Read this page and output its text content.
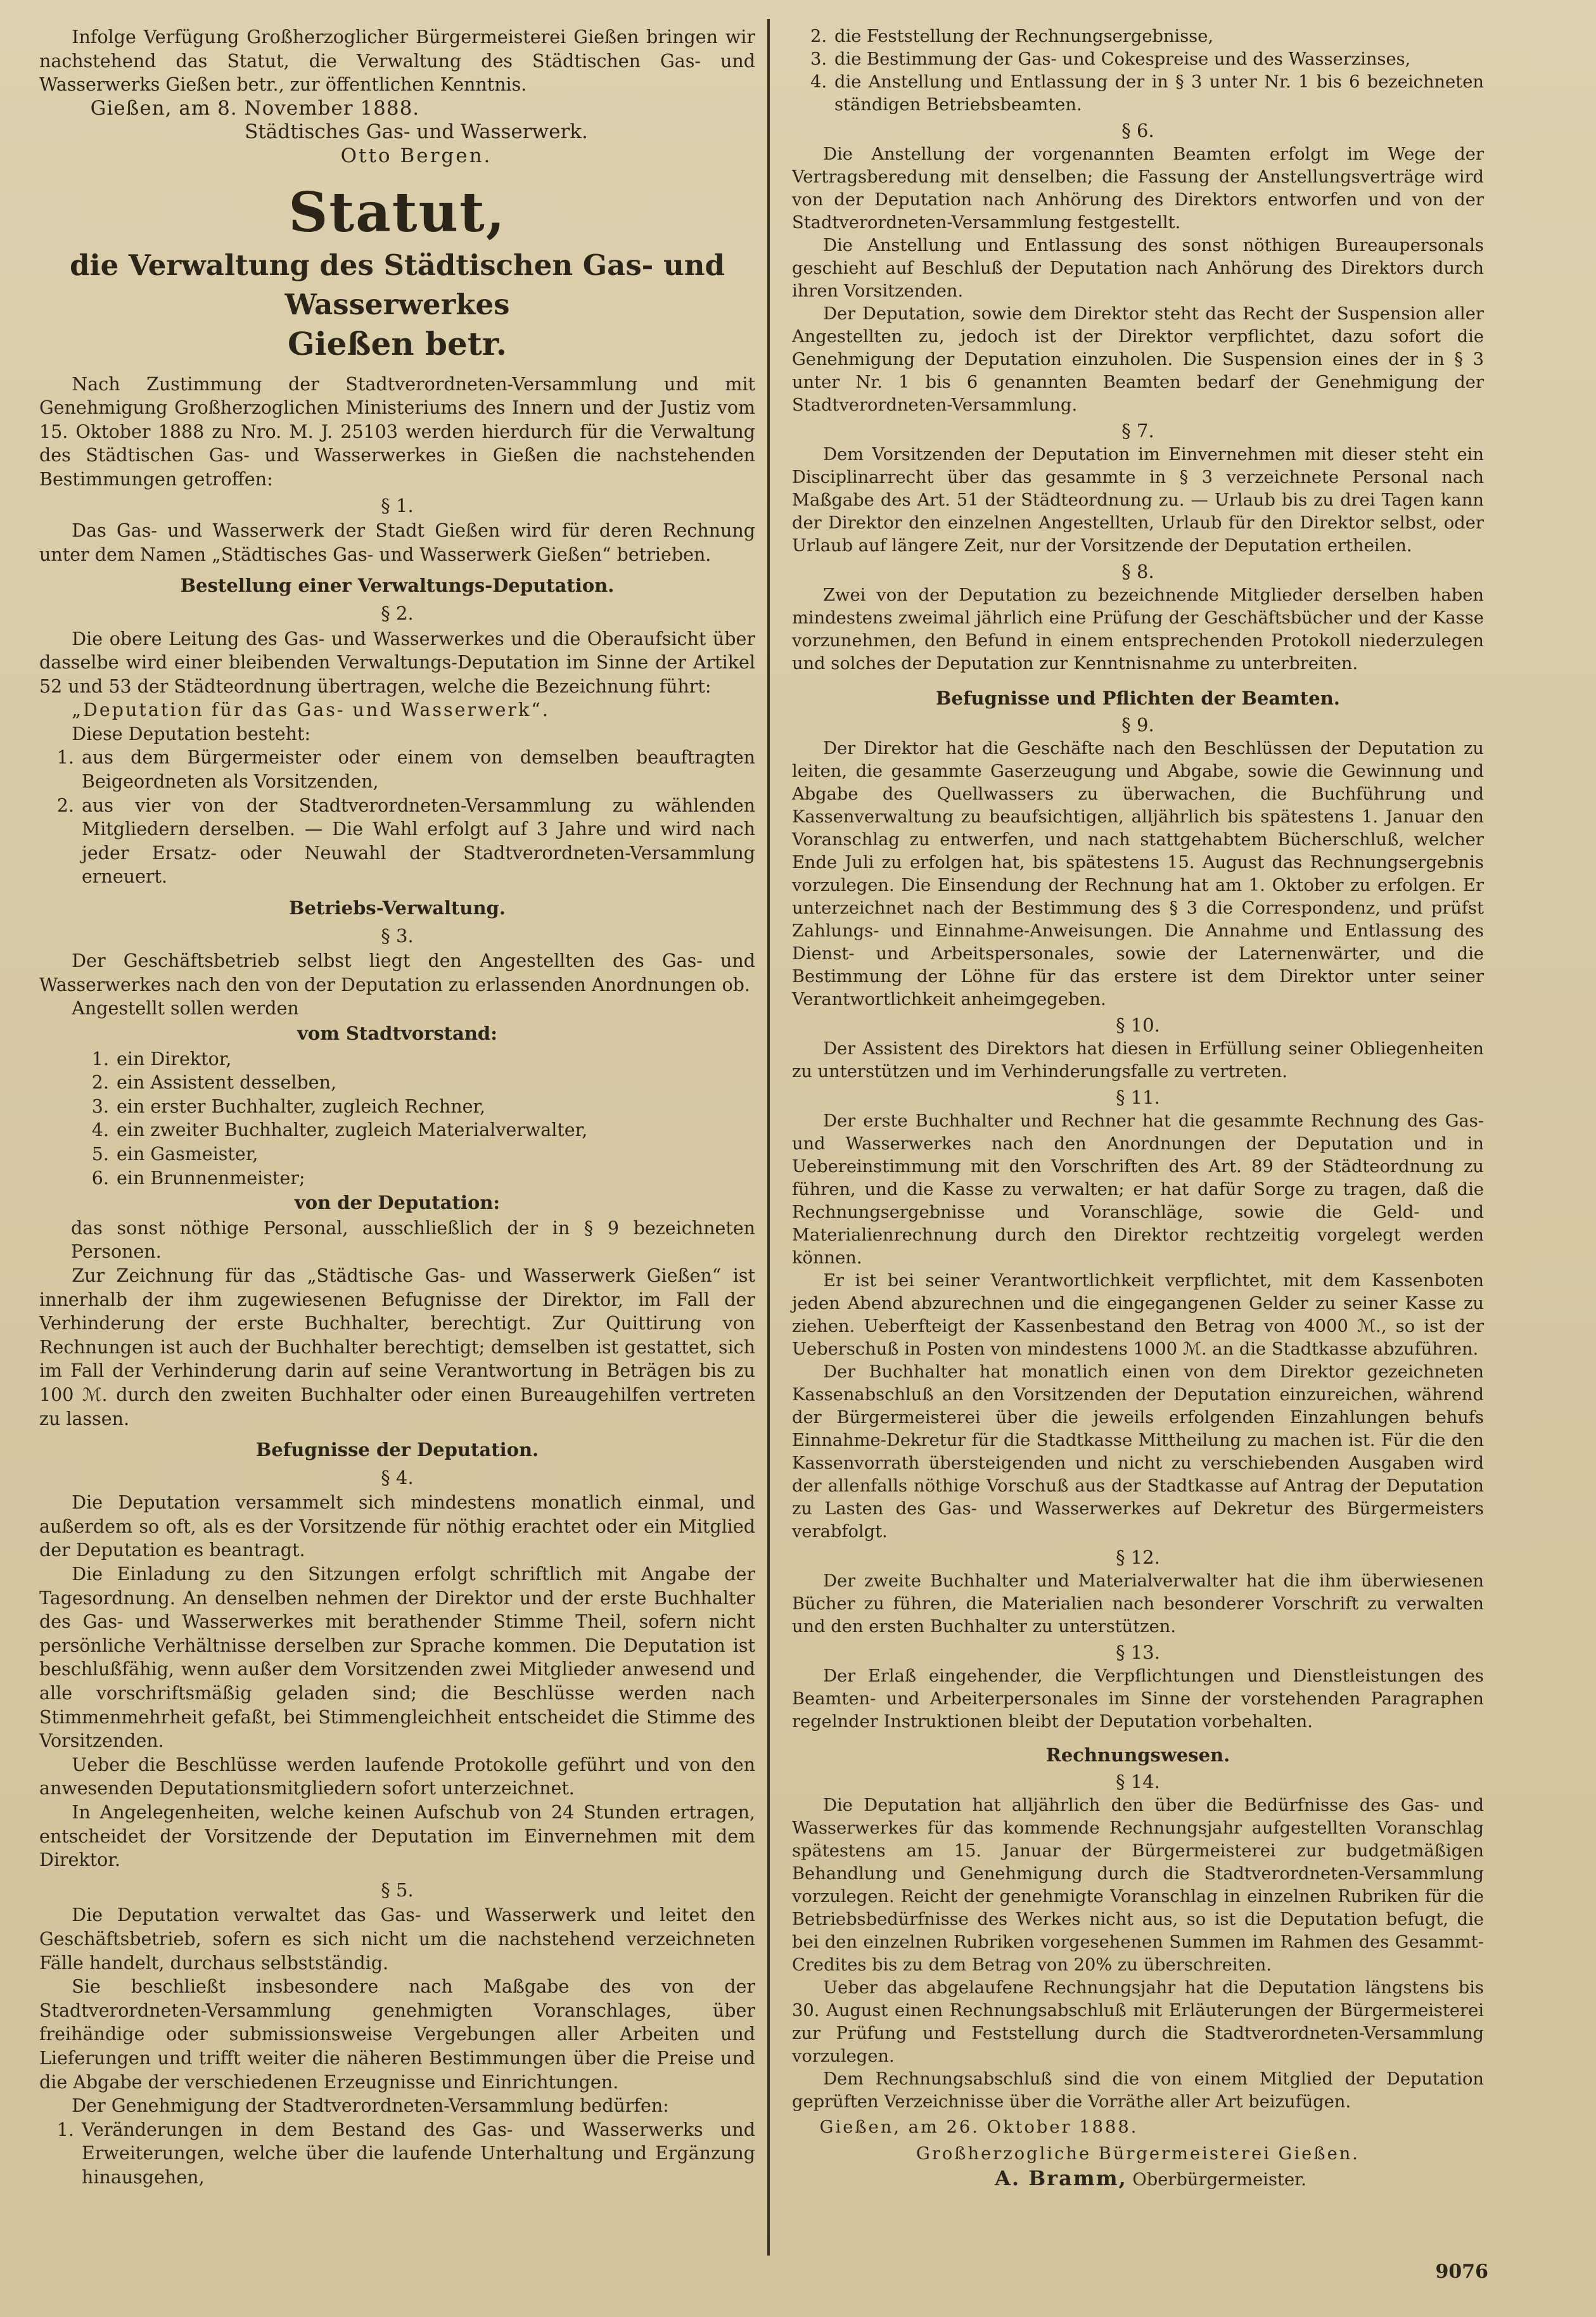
Infolge Verfügung Großherzoglicher Bürgermeisterei Gießen bringen wir nachstehend das Statut, die Verwaltung des Städtischen Gas- und Wasserwerks Gießen betr., zur öffentlichen Kenntnis.

Gießen, am 8. November 1888.

Städtisches Gas- und Wasserwerk.

Otto Bergen.

Statut,
die Verwaltung des Städtischen Gas- und Wasserwerkes
Gießen betr.

Nach Zustimmung der Stadtverordneten-Versammlung und mit Genehmigung Großherzoglichen Ministeriums des Innern und der Justiz vom 15. Oktober 1888 zu Nro. M. J. 25103 werden hierdurch für die Verwaltung des Städtischen Gas- und Wasserwerkes in Gießen die nachstehenden Bestimmungen getroffen:

§ 1.

Das Gas- und Wasserwerk der Stadt Gießen wird für deren Rechnung unter dem Namen „Städtisches Gas- und Wasserwerk Gießen“ betrieben.

Bestellung einer Verwaltungs-Deputation.
§ 2.

Die obere Leitung des Gas- und Wasserwerkes und die Oberaufsicht über dasselbe wird einer bleibenden Verwaltungs-Deputation im Sinne der Artikel 52 und 53 der Städteordnung übertragen, welche die Bezeichnung führt:

„Deputation für das Gas- und Wasserwerk“.

Diese Deputation besteht:

1. aus dem Bürgermeister oder einem von demselben beauftragten Beigeordneten als Vorsitzenden,
2. aus vier von der Stadtverordneten-Versammlung zu wählenden Mitgliedern derselben. — Die Wahl erfolgt auf 3 Jahre und wird nach jeder Ersatz- oder Neuwahl der Stadtverordneten-Versammlung erneuert.
Betriebs-Verwaltung.
§ 3.

Der Geschäftsbetrieb selbst liegt den Angestellten des Gas- und Wasserwerkes nach den von der Deputation zu erlassenden Anordnungen ob.

Angestellt sollen werden

vom Stadtvorstand:
1. ein Direktor,
2. ein Assistent desselben,
3. ein erster Buchhalter, zugleich Rechner,
4. ein zweiter Buchhalter, zugleich Materialverwalter,
5. ein Gasmeister,
6. ein Brunnenmeister;
von der Deputation:

das sonst nöthige Personal, ausschließlich der in § 9 bezeichneten Personen.

Zur Zeichnung für das „Städtische Gas- und Wasserwerk Gießen“ ist innerhalb der ihm zugewiesenen Befugnisse der Direktor, im Fall der Verhinderung der erste Buchhalter, berechtigt. Zur Quittirung von Rechnungen ist auch der Buchhalter berechtigt; demselben ist gestattet, sich im Fall der Verhinderung darin auf seine Verantwortung in Beträgen bis zu 100 ℳ. durch den zweiten Buchhalter oder einen Bureaugehilfen vertreten zu lassen.

Befugnisse der Deputation.
§ 4.

Die Deputation versammelt sich mindestens monatlich einmal, und außerdem so oft, als es der Vorsitzende für nöthig erachtet oder ein Mitglied der Deputation es beantragt.

Die Einladung zu den Sitzungen erfolgt schriftlich mit Angabe der Tagesordnung. An denselben nehmen der Direktor und der erste Buchhalter des Gas- und Wasserwerkes mit berathender Stimme Theil, sofern nicht persönliche Verhältnisse derselben zur Sprache kommen. Die Deputation ist beschlußfähig, wenn außer dem Vorsitzenden zwei Mitglieder anwesend und alle vorschriftsmäßig geladen sind; die Beschlüsse werden nach Stimmenmehrheit gefaßt, bei Stimmengleichheit entscheidet die Stimme des Vorsitzenden.

Ueber die Beschlüsse werden laufende Protokolle geführt und von den anwesenden Deputationsmitgliedern sofort unterzeichnet.

In Angelegenheiten, welche keinen Aufschub von 24 Stunden ertragen, entscheidet der Vorsitzende der Deputation im Einvernehmen mit dem Direktor.

§ 5.

Die Deputation verwaltet das Gas- und Wasserwerk und leitet den Geschäftsbetrieb, sofern es sich nicht um die nachstehend verzeichneten Fälle handelt, durchaus selbstständig.

Sie beschließt insbesondere nach Maßgabe des von der Stadtverordneten-Versammlung genehmigten Voranschlages, über freihändige oder submissionsweise Vergebungen aller Arbeiten und Lieferungen und trifft weiter die näheren Bestimmungen über die Preise und die Abgabe der verschiedenen Erzeugnisse und Einrichtungen.

Der Genehmigung der Stadtverordneten-Versammlung bedürfen:

1. Veränderungen in dem Bestand des Gas- und Wasserwerks und Erweiterungen, welche über die laufende Unterhaltung und Ergänzung hinausgehen,
2. die Feststellung der Rechnungsergebnisse,
3. die Bestimmung der Gas- und Cokespreise und des Wasserzinses,
4. die Anstellung und Entlassung der in § 3 unter Nr. 1 bis 6 bezeichneten ständigen Betriebsbeamten.
§ 6.

Die Anstellung der vorgenannten Beamten erfolgt im Wege der Vertragsberedung mit denselben; die Fassung der Anstellungsverträge wird von der Deputation nach Anhörung des Direktors entworfen und von der Stadtverordneten-Versammlung festgestellt.

Die Anstellung und Entlassung des sonst nöthigen Bureaupersonals geschieht auf Beschluß der Deputation nach Anhörung des Direktors durch ihren Vorsitzenden.

Der Deputation, sowie dem Direktor steht das Recht der Suspension aller Angestellten zu, jedoch ist der Direktor verpflichtet, dazu sofort die Genehmigung der Deputation einzuholen. Die Suspension eines der in § 3 unter Nr. 1 bis 6 genannten Beamten bedarf der Genehmigung der Stadtverordneten-Versammlung.

§ 7.

Dem Vorsitzenden der Deputation im Einvernehmen mit dieser steht ein Disciplinarrecht über das gesammte in § 3 verzeichnete Personal nach Maßgabe des Art. 51 der Städteordnung zu. — Urlaub bis zu drei Tagen kann der Direktor den einzelnen Angestellten, Urlaub für den Direktor selbst, oder Urlaub auf längere Zeit, nur der Vorsitzende der Deputation ertheilen.

§ 8.

Zwei von der Deputation zu bezeichnende Mitglieder derselben haben mindestens zweimal jährlich eine Prüfung der Geschäftsbücher und der Kasse vorzunehmen, den Befund in einem entsprechenden Protokoll niederzulegen und solches der Deputation zur Kenntnisnahme zu unterbreiten.

Befugnisse und Pflichten der Beamten.
§ 9.

Der Direktor hat die Geschäfte nach den Beschlüssen der Deputation zu leiten, die gesammte Gaserzeugung und Abgabe, sowie die Gewinnung und Abgabe des Quellwassers zu überwachen, die Buchführung und Kassenverwaltung zu beaufsichtigen, alljährlich bis spätestens 1. Januar den Voranschlag zu entwerfen, und nach stattgehabtem Bücherschluß, welcher Ende Juli zu erfolgen hat, bis spätestens 15. August das Rechnungsergebnis vorzulegen. Die Einsendung der Rechnung hat am 1. Oktober zu erfolgen. Er unterzeichnet nach der Bestimmung des § 3 die Correspondenz, und prüfst Zahlungs- und Einnahme-Anweisungen. Die Annahme und Entlassung des Dienst- und Arbeitspersonales, sowie der Laternenwärter, und die Bestimmung der Löhne für das erstere ist dem Direktor unter seiner Verantwortlichkeit anheimgegeben.

§ 10.

Der Assistent des Direktors hat diesen in Erfüllung seiner Obliegenheiten zu unterstützen und im Verhinderungsfalle zu vertreten.

§ 11.

Der erste Buchhalter und Rechner hat die gesammte Rechnung des Gas- und Wasserwerkes nach den Anordnungen der Deputation und in Uebereinstimmung mit den Vorschriften des Art. 89 der Städteordnung zu führen, und die Kasse zu verwalten; er hat dafür Sorge zu tragen, daß die Rechnungsergebnisse und Voranschläge, sowie die Geld- und Materialienrechnung durch den Direktor rechtzeitig vorgelegt werden können.

Er ist bei seiner Verantwortlichkeit verpflichtet, mit dem Kassenboten jeden Abend abzurechnen und die eingegangenen Gelder zu seiner Kasse zu ziehen. Ueberfteigt der Kassenbestand den Betrag von 4000 ℳ., so ist der Ueberschuß in Posten von mindestens 1000 ℳ. an die Stadtkasse abzuführen.

Der Buchhalter hat monatlich einen von dem Direktor gezeichneten Kassenabschluß an den Vorsitzenden der Deputation einzureichen, während der Bürgermeisterei über die jeweils erfolgenden Einzahlungen behufs Einnahme-Dekretur für die Stadtkasse Mittheilung zu machen ist. Für die den Kassenvorrath übersteigenden und nicht zu verschiebenden Ausgaben wird der allenfalls nöthige Vorschuß aus der Stadtkasse auf Antrag der Deputation zu Lasten des Gas- und Wasserwerkes auf Dekretur des Bürgermeisters verabfolgt.

§ 12.

Der zweite Buchhalter und Materialverwalter hat die ihm überwiesenen Bücher zu führen, die Materialien nach besonderer Vorschrift zu verwalten und den ersten Buchhalter zu unterstützen.

§ 13.

Der Erlaß eingehender, die Verpflichtungen und Dienstleistungen des Beamten- und Arbeiterpersonales im Sinne der vorstehenden Paragraphen regelnder Instruktionen bleibt der Deputation vorbehalten.

Rechnungswesen.
§ 14.

Die Deputation hat alljährlich den über die Bedürfnisse des Gas- und Wasserwerkes für das kommende Rechnungsjahr aufgestellten Voranschlag spätestens am 15. Januar der Bürgermeisterei zur budgetmäßigen Behandlung und Genehmigung durch die Stadtverordneten-Versammlung vorzulegen. Reicht der genehmigte Voranschlag in einzelnen Rubriken für die Betriebsbedürfnisse des Werkes nicht aus, so ist die Deputation befugt, die bei den einzelnen Rubriken vorgesehenen Summen im Rahmen des Gesammt-Credites bis zu dem Betrag von 20% zu überschreiten.

Ueber das abgelaufene Rechnungsjahr hat die Deputation längstens bis 30. August einen Rechnungsabschluß mit Erläuterungen der Bürgermeisterei zur Prüfung und Feststellung durch die Stadtverordneten-Versammlung vorzulegen.

Dem Rechnungsabschluß sind die von einem Mitglied der Deputation geprüften Verzeichnisse über die Vorräthe aller Art beizufügen.

Gießen, am 26. Oktober 1888.

Großherzogliche Bürgermeisterei Gießen.

A. Bramm, Oberbürgermeister.

9076
